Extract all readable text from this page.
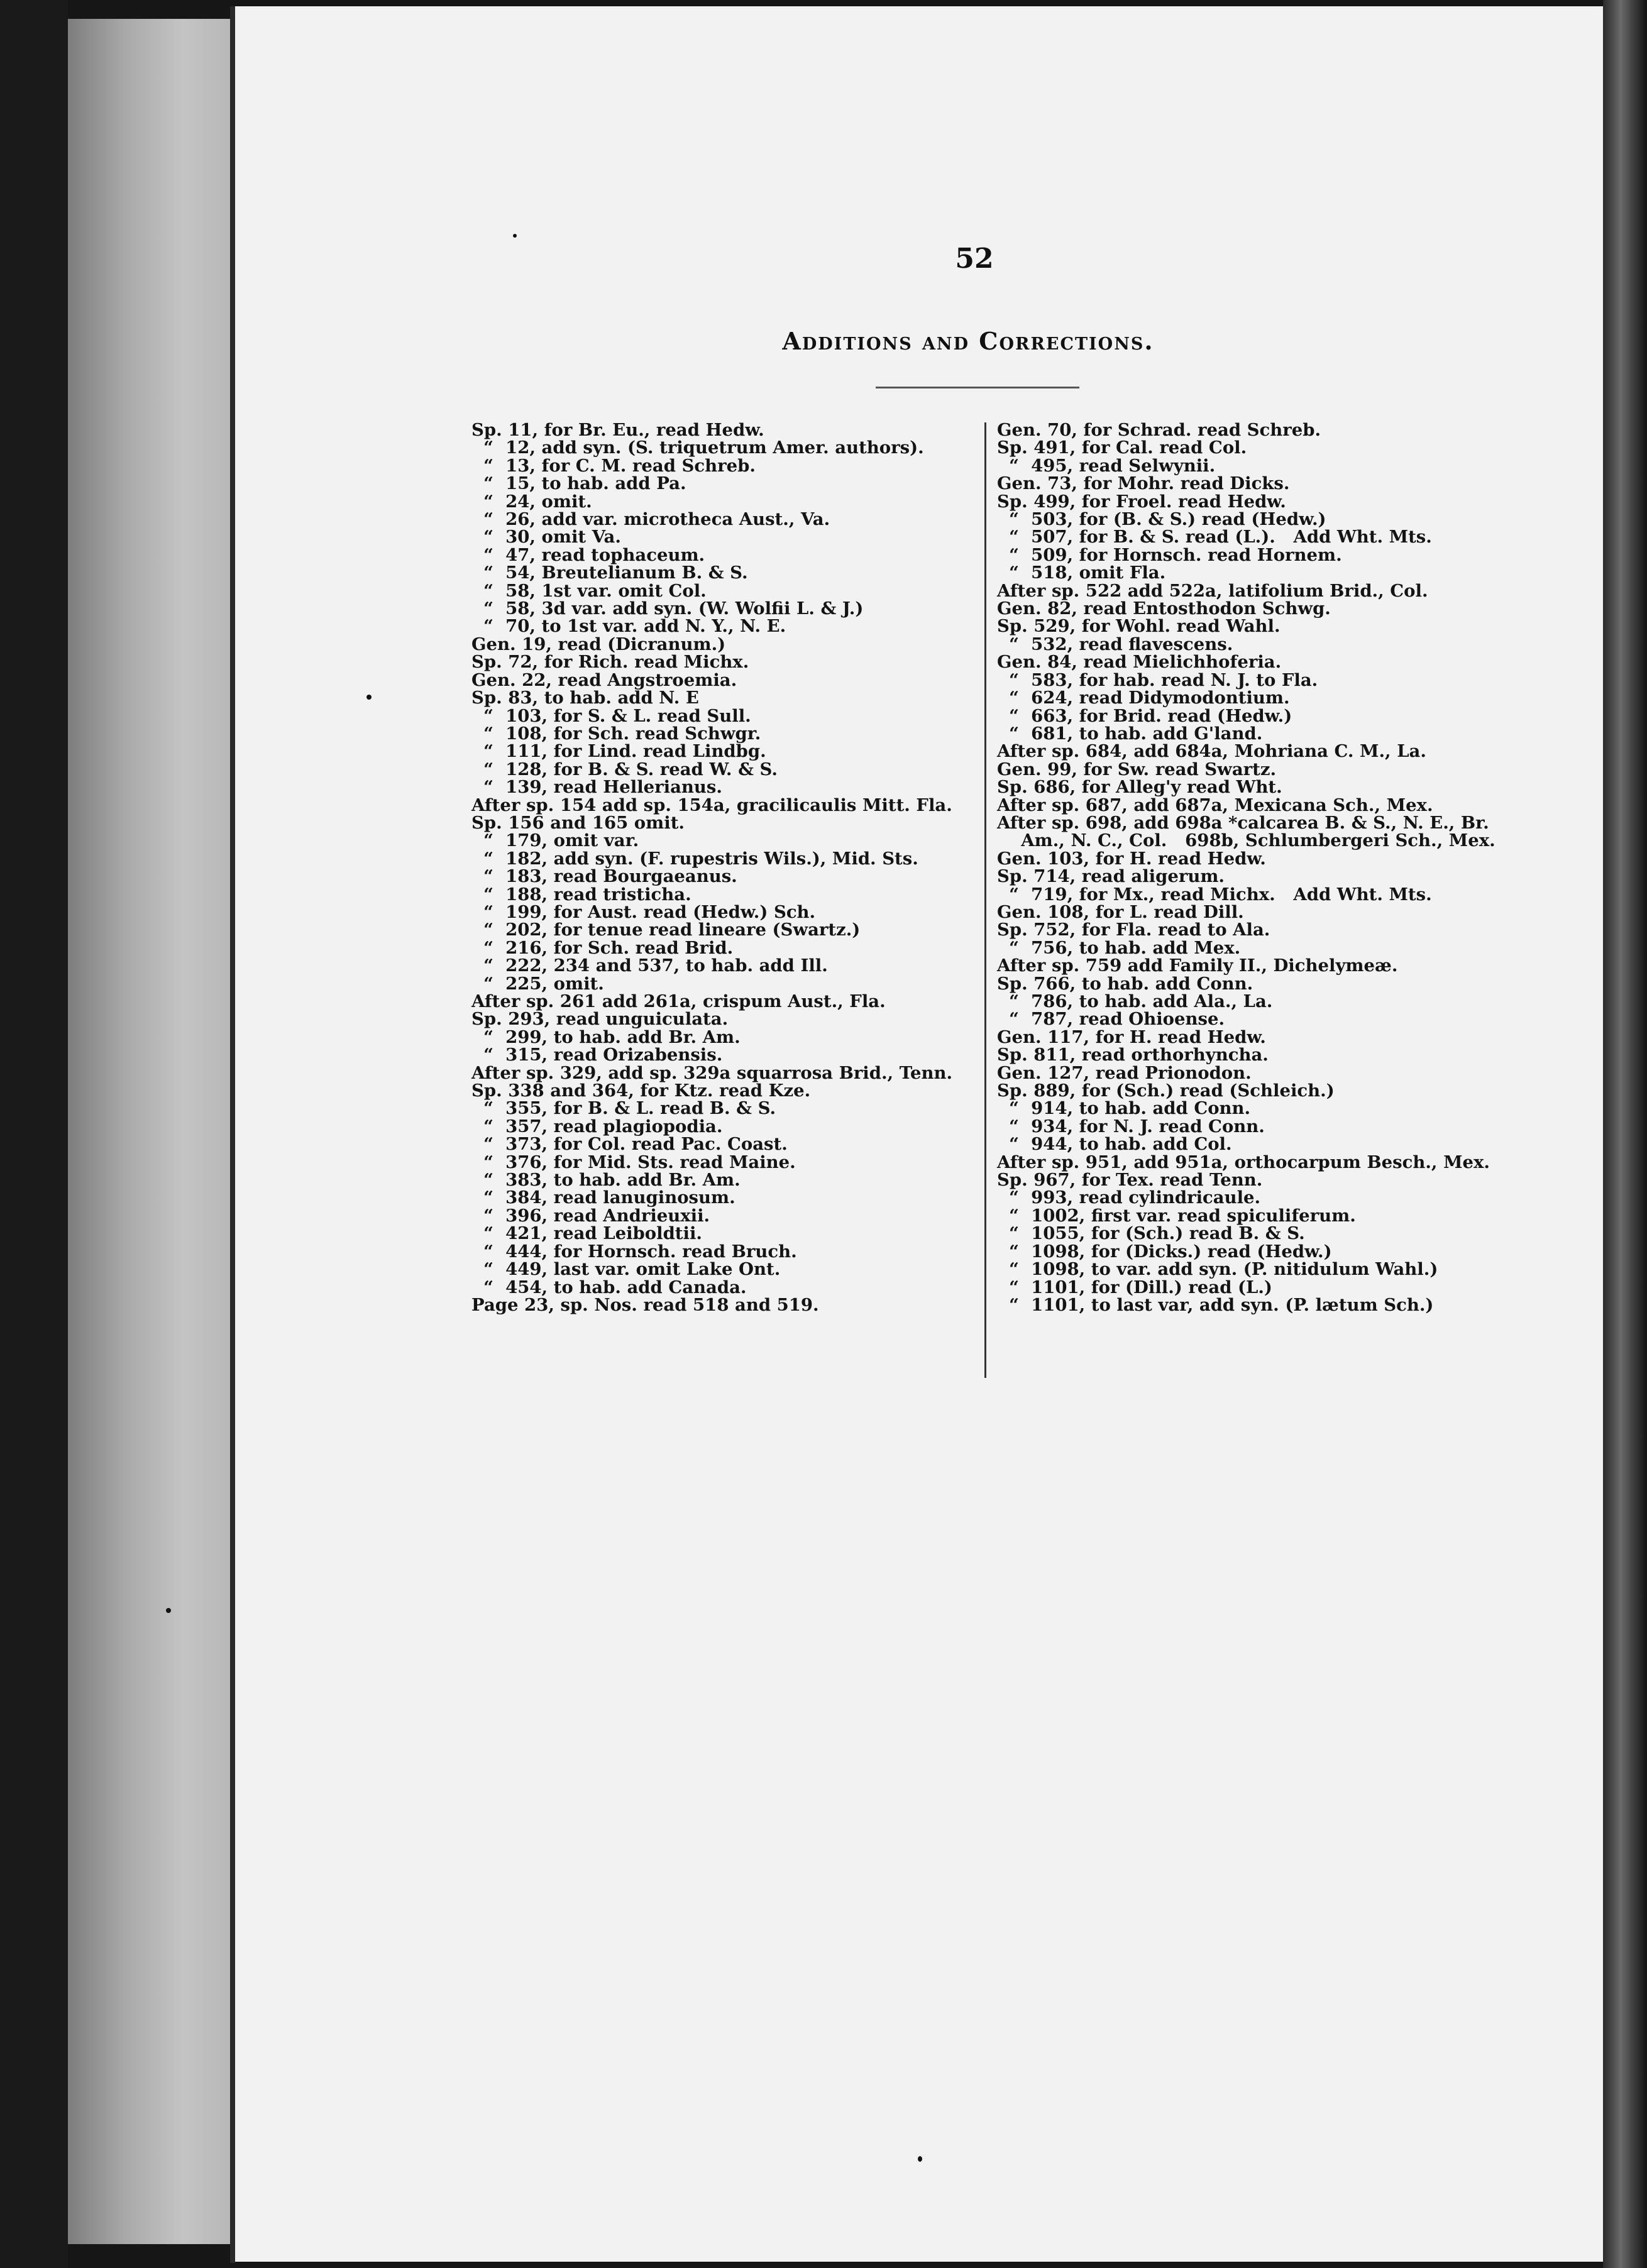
52
Additions and Corrections.
Sp. 11, for Br. Eu., read Hedw.
“  12, add syn. (S. triquetrum Amer. authors).
“  13, for C. M. read Schreb.
“  15, to hab. add Pa.
“  24, omit.
“  26, add var. microtheca Aust., Va.
“  30, omit Va.
“  47, read tophaceum.
“  54, Breutelianum B. & S.
“  58, 1st var. omit Col.
“  58, 3d var. add syn. (W. Wolfii L. & J.)
“  70, to 1st var. add N. Y., N. E.
Gen. 19, read (Dicranum.)
Sp. 72, for Rich. read Michx.
Gen. 22, read Angstroemia.
Sp. 83, to hab. add N. E
“  103, for S. & L. read Sull.
“  108, for Sch. read Schwgr.
“  111, for Lind. read Lindbg.
“  128, for B. & S. read W. & S.
“  139, read Hellerianus.
After sp. 154 add sp. 154a, gracilicaulis Mitt. Fla.
Sp. 156 and 165 omit.
“  179, omit var.
“  182, add syn. (F. rupestris Wils.), Mid. Sts.
“  183, read Bourgaeanus.
“  188, read tristicha.
“  199, for Aust. read (Hedw.) Sch.
“  202, for tenue read lineare (Swartz.)
“  216, for Sch. read Brid.
“  222, 234 and 537, to hab. add Ill.
“  225, omit.
After sp. 261 add 261a, crispum Aust., Fla.
Sp. 293, read unguiculata.
“  299, to hab. add Br. Am.
“  315, read Orizabensis.
After sp. 329, add sp. 329a squarrosa Brid., Tenn.
Sp. 338 and 364, for Ktz. read Kze.
“  355, for B. & L. read B. & S.
“  357, read plagiopodia.
“  373, for Col. read Pac. Coast.
“  376, for Mid. Sts. read Maine.
“  383, to hab. add Br. Am.
“  384, read lanuginosum.
“  396, read Andrieuxii.
“  421, read Leiboldtii.
“  444, for Hornsch. read Bruch.
“  449, last var. omit Lake Ont.
“  454, to hab. add Canada.
Page 23, sp. Nos. read 518 and 519.
Gen. 70, for Schrad. read Schreb.
Sp. 491, for Cal. read Col.
“  495, read Selwynii.
Gen. 73, for Mohr. read Dicks.
Sp. 499, for Froel. read Hedw.
“  503, for (B. & S.) read (Hedw.)
“  507, for B. & S. read (L.).   Add Wht. Mts.
“  509, for Hornsch. read Hornem.
“  518, omit Fla.
After sp. 522 add 522a, latifolium Brid., Col.
Gen. 82, read Entosthodon Schwg.
Sp. 529, for Wohl. read Wahl.
“  532, read flavescens.
Gen. 84, read Mielichhoferia.
“  583, for hab. read N. J. to Fla.
“  624, read Didymodontium.
“  663, for Brid. read (Hedw.)
“  681, to hab. add G'land.
After sp. 684, add 684a, Mohriana C. M., La.
Gen. 99, for Sw. read Swartz.
Sp. 686, for Alleg'y read Wht.
After sp. 687, add 687a, Mexicana Sch., Mex.
After sp. 698, add 698a *calcarea B. & S., N. E., Br.
Am., N. C., Col.   698b, Schlumbergeri Sch., Mex.
Gen. 103, for H. read Hedw.
Sp. 714, read aligerum.
“  719, for Mx., read Michx.   Add Wht. Mts.
Gen. 108, for L. read Dill.
Sp. 752, for Fla. read to Ala.
“  756, to hab. add Mex.
After sp. 759 add Family II., Dichelymeæ.
Sp. 766, to hab. add Conn.
“  786, to hab. add Ala., La.
“  787, read Ohioense.
Gen. 117, for H. read Hedw.
Sp. 811, read orthorhyncha.
Gen. 127, read Prionodon.
Sp. 889, for (Sch.) read (Schleich.)
“  914, to hab. add Conn.
“  934, for N. J. read Conn.
“  944, to hab. add Col.
After sp. 951, add 951a, orthocarpum Besch., Mex.
Sp. 967, for Tex. read Tenn.
“  993, read cylindricaule.
“  1002, first var. read spiculiferum.
“  1055, for (Sch.) read B. & S.
“  1098, for (Dicks.) read (Hedw.)
“  1098, to var. add syn. (P. nitidulum Wahl.)
“  1101, for (Dill.) read (L.)
“  1101, to last var, add syn. (P. lætum Sch.)
